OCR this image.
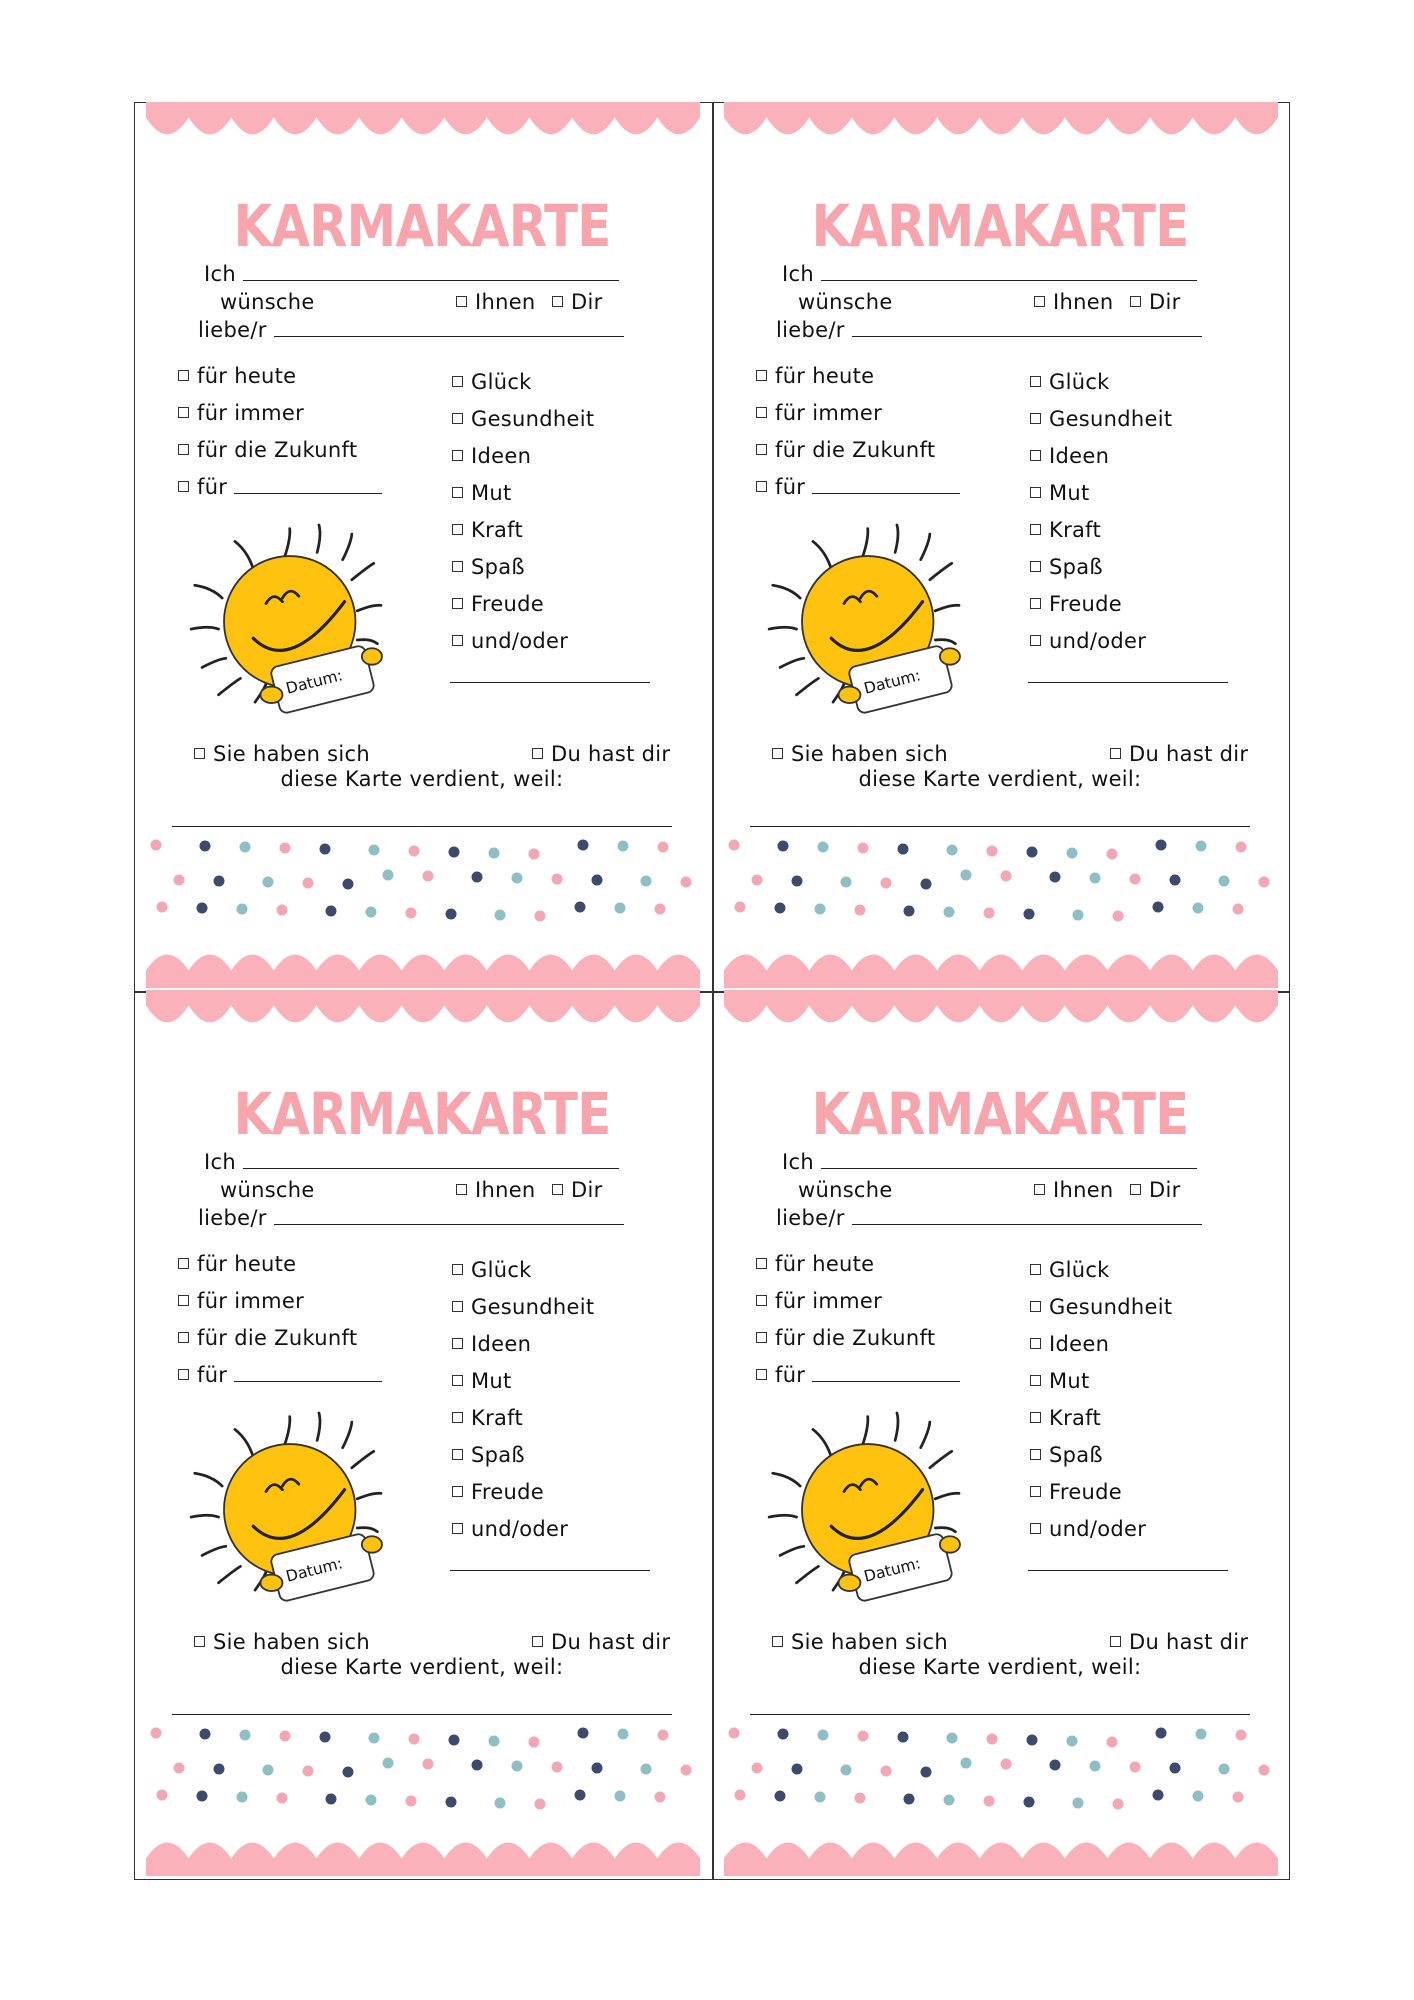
KARMAKARTE
Ich
wünsche	Ihnen	Dir
liebe/r
für heute
für immer
für die Zukunft
für
Glück
Gesundheit
Ideen
Mut
Kraft
Spaß
Freude
und/oder
Datum:
Sie haben sich	Du hast dir
diese Karte verdient, weil:
KARMAKARTE
Ich
wünsche	Ihnen	Dir
liebe/r
für heute
für immer
für die Zukunft
für
Glück
Gesundheit
Ideen
Mut
Kraft
Spaß
Freude
und/oder
Datum:
Sie haben sich	Du hast dir
diese Karte verdient, weil:
KARMAKARTE
Ich
wünsche	Ihnen	Dir
liebe/r
für heute
für immer
für die Zukunft
für
Glück
Gesundheit
Ideen
Mut
Kraft
Spaß
Freude
und/oder
Datum:
Sie haben sich	Du hast dir
diese Karte verdient, weil:
KARMAKARTE
Ich
wünsche	Ihnen	Dir
liebe/r
für heute
für immer
für die Zukunft
für
Glück
Gesundheit
Ideen
Mut
Kraft
Spaß
Freude
und/oder
Datum:
Sie haben sich	Du hast dir
diese Karte verdient, weil:
